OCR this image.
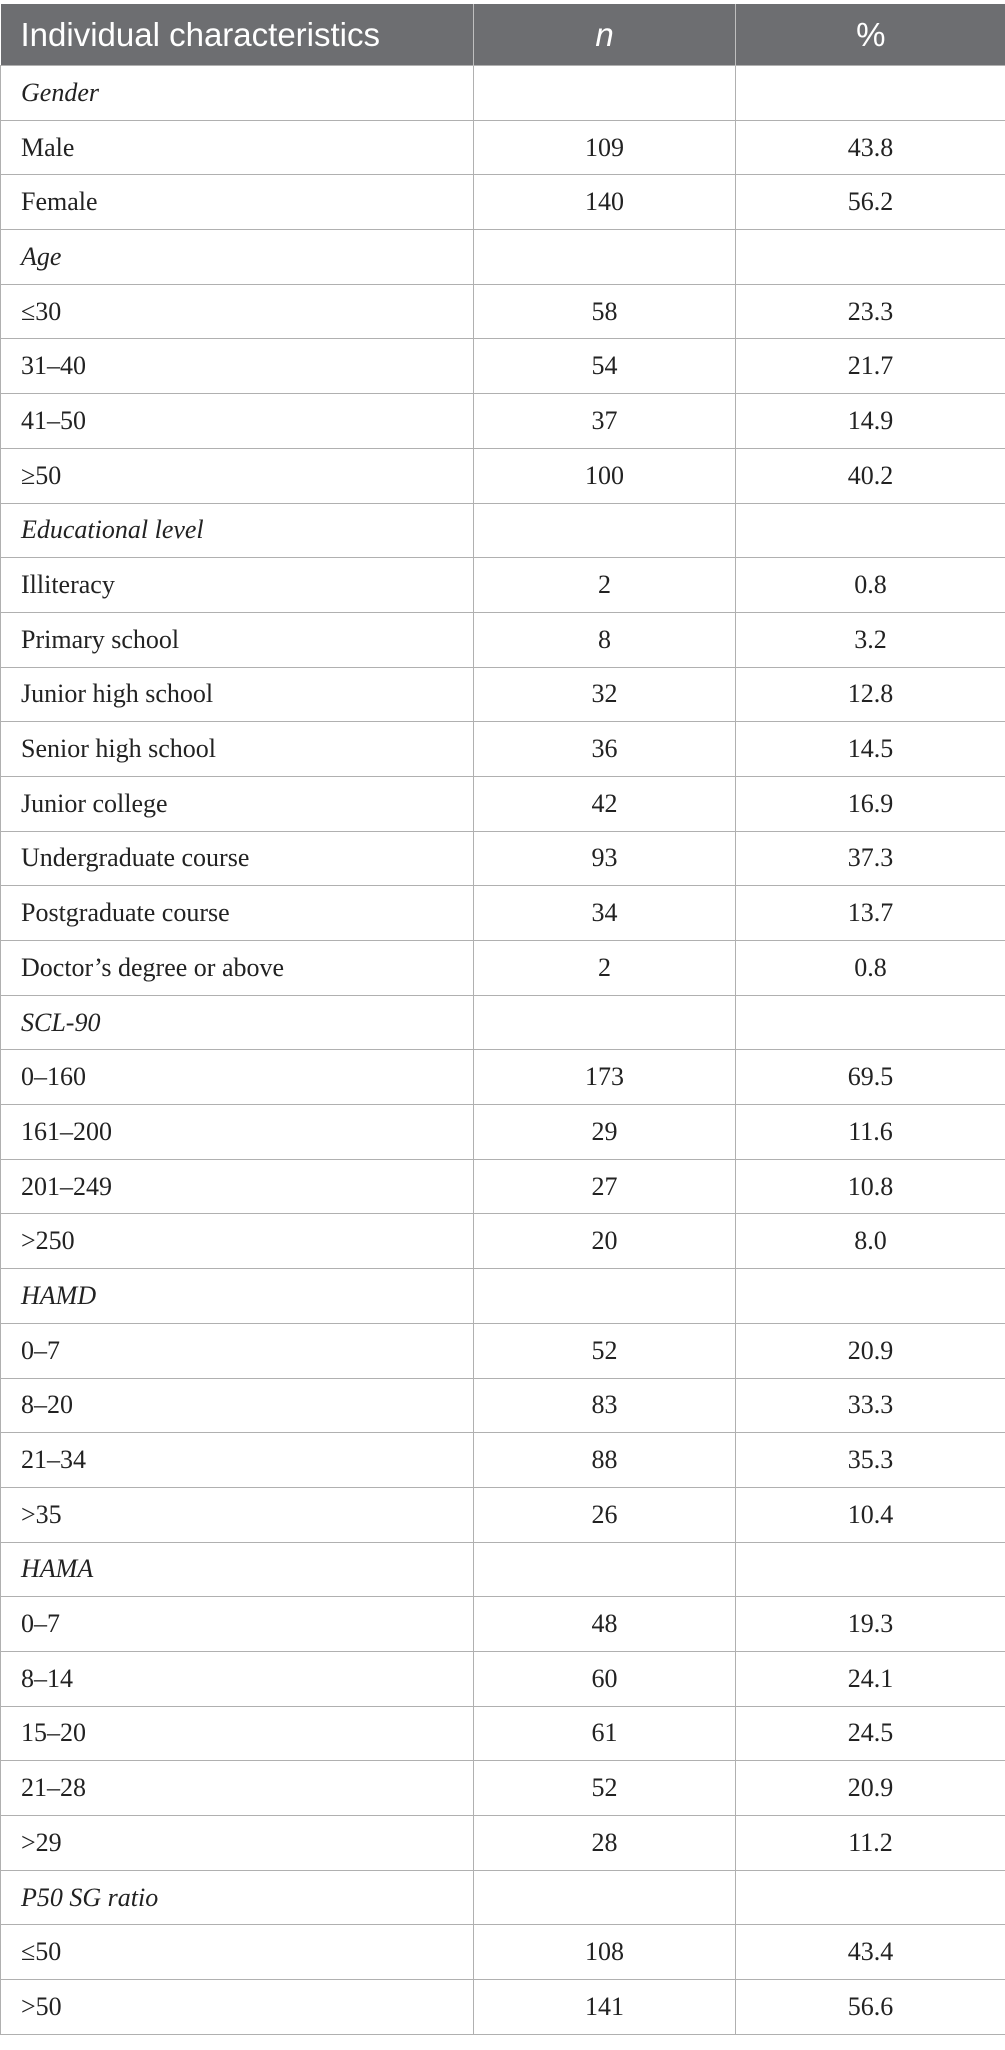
Individual characteristics	n	%
Gender		
Male	109	43.8
Female	140	56.2
Age		
≤30	58	23.3
31–40	54	21.7
41–50	37	14.9
≥50	100	40.2
Educational level		
Illiteracy	2	0.8
Primary school	8	3.2
Junior high school	32	12.8
Senior high school	36	14.5
Junior college	42	16.9
Undergraduate course	93	37.3
Postgraduate course	34	13.7
Doctor’s degree or above	2	0.8
SCL-90		
0–160	173	69.5
161–200	29	11.6
201–249	27	10.8
>250	20	8.0
HAMD		
0–7	52	20.9
8–20	83	33.3
21–34	88	35.3
>35	26	10.4
HAMA		
0–7	48	19.3
8–14	60	24.1
15–20	61	24.5
21–28	52	20.9
>29	28	11.2
P50 SG ratio		
≤50	108	43.4
>50	141	56.6
